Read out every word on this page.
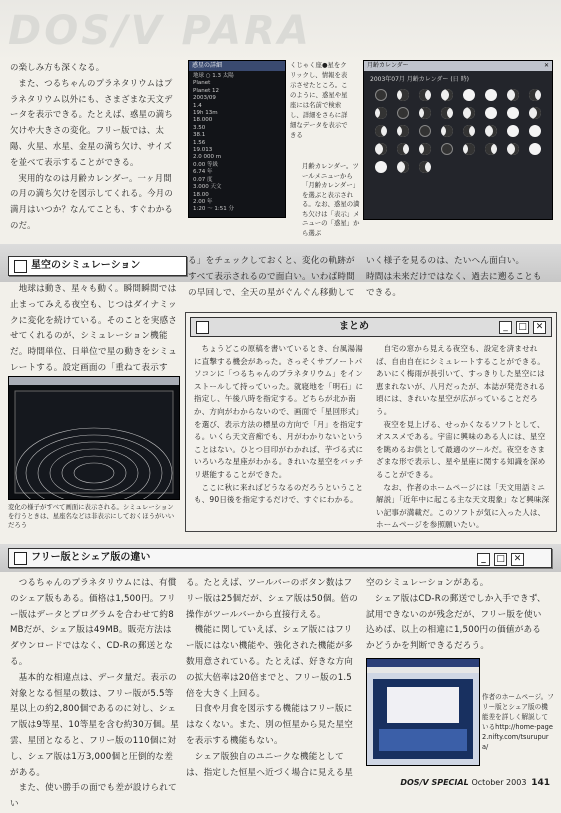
DOS/V PARA

の楽しみ方も深くなる。

また、つるちゃんのプラネタリウムはプラネタリウム以外にも、さまざまな天文データを表示できる。たとえば、惑星の満ち欠けや大きさの変化。フリー版では、太陽、火星、水星、金星の満ち欠け、サイズを並べて表示することができる。

実用的なのは月齢カレンダー。一ヶ月間の月の満ち欠けを図示してくれる。今月の満月はいつか？なんてことも、すぐわかるのだ。

惑星の詳細
地球 ○ 1.3 太陽
Planet
Planet 12
2003/09
1.4
19h 13m
18.000
3.50
38.1
1.56
19.013
2.0 000 m
0.00 等級
6.74 年
0.07 度
3.000 天文
18.00
2.00 年
1:20 〜 1:51 分
くじゃく座●星をクリックし、情報を表示させたところ。このように、惑星や星座には名前で検索し、詳細をさらに詳細なデータを表示できる
月齢カレンダー	✕
2003年07月 月齢カレンダー (日 時)
月齢カレンダー。ツールメニューから「月齢カレンダー」を選ぶと表示される。なお、惑星の満ち欠けは「表示」メニューの「惑星」から選ぶ
星空のシミュレーション

地球は動き、星々も動く。瞬間瞬間では止まってみえる夜空も、じつはダイナミックに変化を続けている。そのことを実感させてくれるのが、シミュレーション機能だ。時間単位、日単位で星の動きをシミュレートする。設定画面の「重ねて表示す

る」をチェックしておくと、変化の軌跡がすべて表示されるので面白い。いわば時間の早回しで、全天の星がぐんぐん移動して
いく様子を見るのは、たいへん面白い。
時間は未来だけではなく、過去に遡ることもできる。
変化の様子がすべて画面に表示される。シミュレーションを行うときは、星座名などは非表示にしておくほうがいいだろう
まとめ	_	□ ✕

ちょうどこの原稿を書いているとき、台風湯湯に直撃する機会があった。さっそくサブノートパソコンに「つるちゃんのプラネタリウム」をインストールして持っていった。就寝地を「明石」に指定し、午後八時を指定する。どちらが北か南か、方向がわからないので、画面で「星回形式」を選び、表示方法の標星の方向で「月」を指定する。いくら天文音痴でも、月がわかりないということはない。ひとつ目印がわかれば、芋づる式にいろいろな星座がわかる。きれいな星空をバッチリ堪能することができた。

ここに秋に来ればどうなるのだろうということも、90日後を指定するだけで、すぐにわかる。

自宅の窓から見える夜空も、設定を済ませれば、自由自在にシミュレートすることができる。あいにく梅雨が長引いて、すっきりした星空には恵まれないが、八月だったが、本誌が発売される頃には、きれいな星空が広がっていることだろう。

夜空を見上げる、せっかくなるソフトとして、オススメである。宇宙に興味のある人には、星空を眺めるお供として最適のツールだ。夜空をさまざまな形で表示し、星や星座に関する知識を深めることができる。

なお、作者のホームページには「天文用語ミニ解説」「近年中に起こる主な天文現象」など興味深い記事が満載だ。このソフトが気に入った人は、ホームページを参照願いたい。

フリー版とシェア版の違い	_	□ ✕

つるちゃんのプラネタリウムには、有償のシェア版もある。価格は1,500円。フリー版はデータとプログラムを合わせて約8MBだが、シェア版は49MB。販売方法はダウンロードではなく、CD-Rの郵送となる。

基本的な相違点は、データ量だ。表示の対象となる恒星の数は、フリー版が5.5等星以上の約2,800個であるのに対し、シェア版は9等星、10等星を含む約30万個。星雲、星団となると、フリー版の110個に対し、シェア版は1万3,000個と圧倒的な差がある。

また、使い勝手の面でも差が設けられてい

る。たとえば、ツールバーのボタン数はフリー版は25個だが、シェア版は50個。倍の操作がツールバーから直接行える。

機能に関していえば、シェア版にはフリー版にはない機能や、強化された機能が多数用意されている。たとえば、好きな方向の拡大倍率は20倍までと、フリー版の1.5倍を大きく上回る。

日食や月食を図示する機能はフリー版にはなくない。また、別の恒星から見た星空を表示する機能もない。

シェア版独自のユニークな機能としては、指定した恒星へ近づく場合に見える星

空のシミュレーションがある。

シェア版はCD-Rの郵送でしか入手できず、試用できないのが残念だが、フリー版を使い込めば、以上の相違に1,500円の価値があるかどうかを判断できるだろう。

作者のホームページ。フリー版とシェア版の機能差を詳しく解説しているhttp://home-page2.nifty.com/tsurupura/
DOS/V SPECIAL October 2003 141
